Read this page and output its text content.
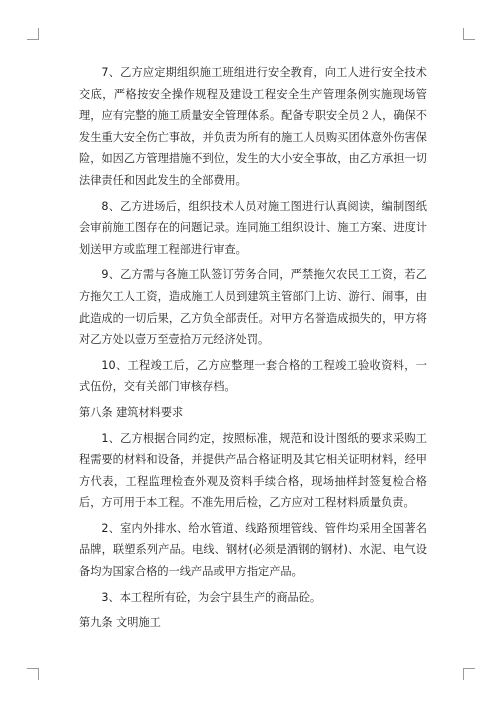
7、乙方应定期组织施工班组进行安全教育，向工人进行安全技术交底，严格按安全操作规程及建设工程安全生产管理条例实施现场管理，应有完整的施工质量安全管理体系。配备专职安全员２人，确保不发生重大安全伤亡事故，并负责为所有的施工人员购买团体意外伤害保险，如因乙方管理措施不到位，发生的大小安全事故，由乙方承担一切法律责任和因此发生的全部费用。

8、乙方进场后，组织技术人员对施工图进行认真阅读，编制图纸会审前施工图存在的问题记录。连同施工组织设计、施工方案、进度计划送甲方或监理工程部进行审查。

9、乙方需与各施工队签订劳务合同，严禁拖欠农民工工资，若乙方拖欠工人工资，造成施工人员到建筑主管部门上访、游行、闹事，由此造成的一切后果，乙方负全部责任。对甲方名誉造成损失的，甲方将对乙方处以壹万至壹拾万元经济处罚。

10、工程竣工后，乙方应整理一套合格的工程竣工验收资料，一式伍份，交有关部门审核存档。

第八条 建筑材料要求

1、乙方根据合同约定，按照标准，规范和设计图纸的要求采购工程需要的材料和设备，并提供产品合格证明及其它相关证明材料，经甲方代表，工程监理检查外观及资料手续合格，现场抽样封签复检合格后，方可用于本工程。不准先用后检，乙方应对工程材料质量负责。

2、室内外排水、给水管道、线路预埋管线、管件均采用全国著名品牌，联塑系列产品。电线、钢材(必须是酒钢的钢材)、水泥、电气设备均为国家合格的一线产品或甲方指定产品。

3、本工程所有砼，为会宁县生产的商品砼。

第九条 文明施工
